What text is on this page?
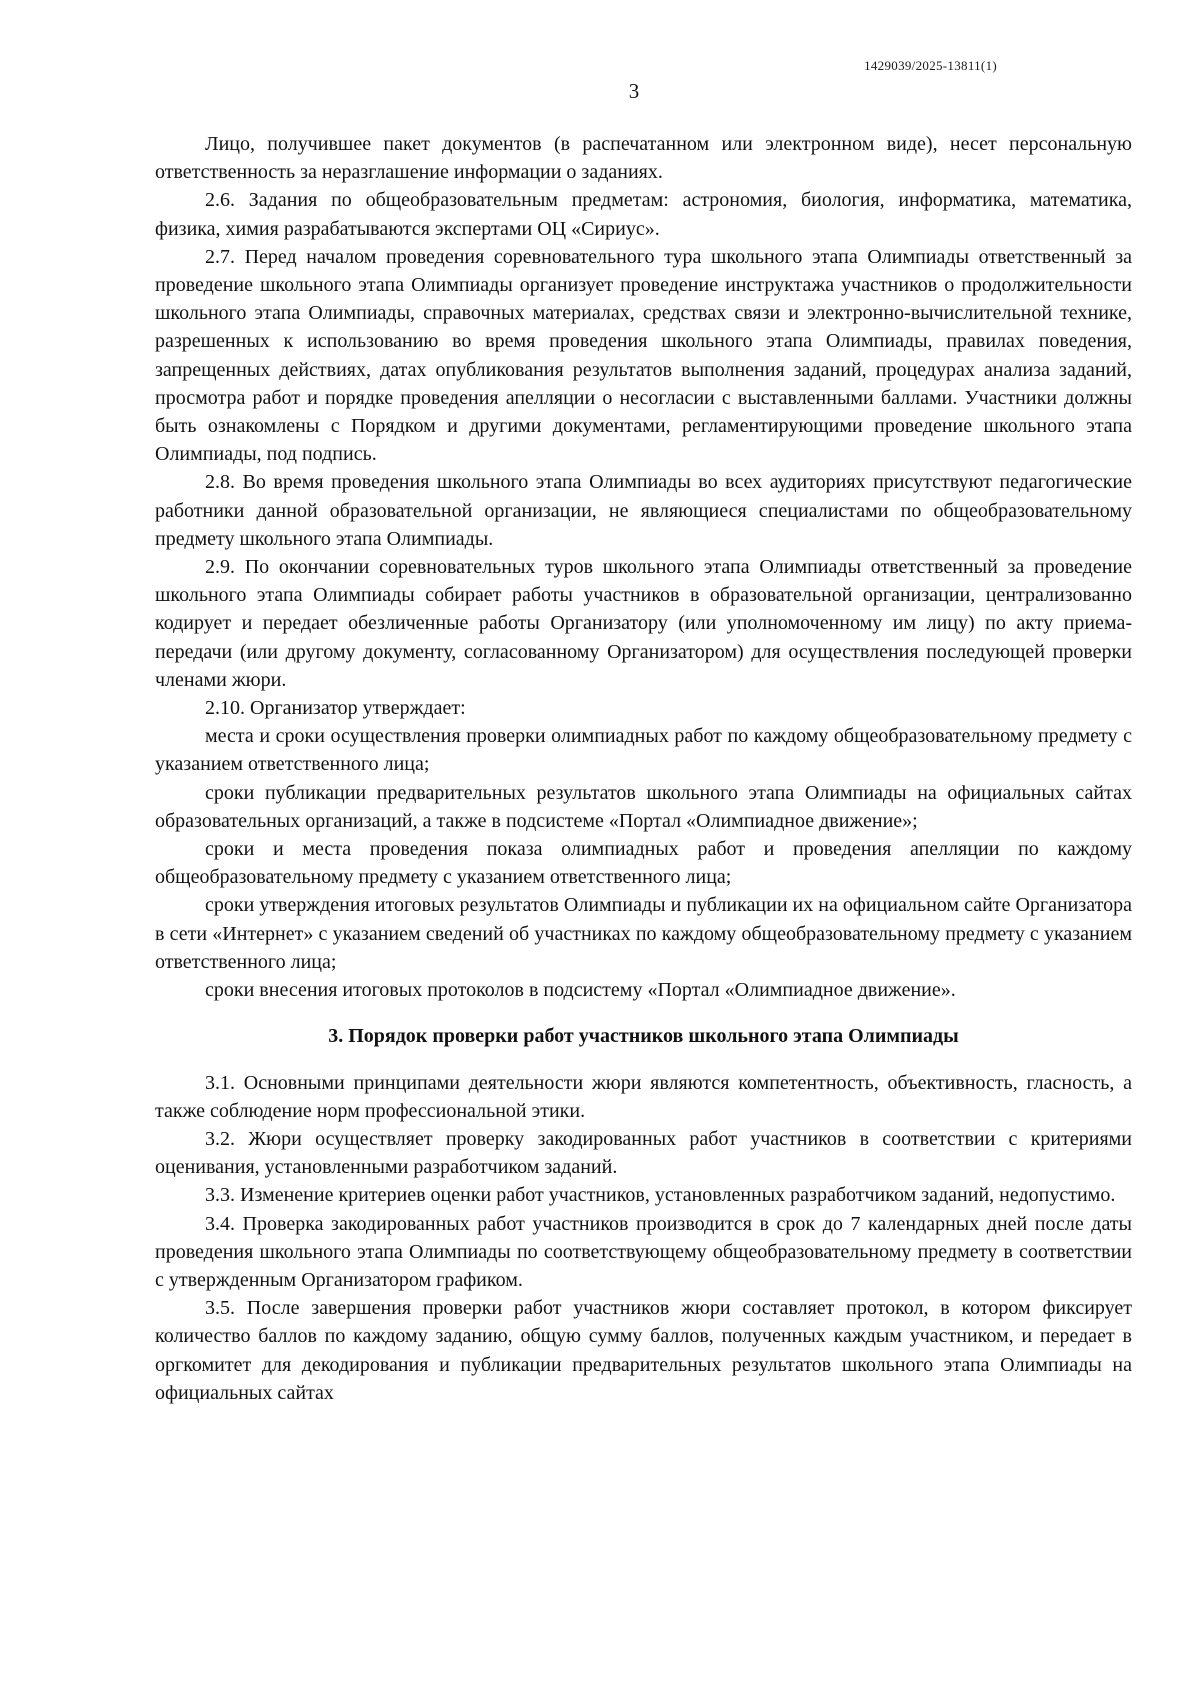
1429039/2025-13811(1)
3

Лицо, получившее пакет документов (в распечатанном или электронном виде), несет персональную ответственность за неразглашение информации о заданиях.

2.6. Задания по общеобразовательным предметам: астрономия, биология, информатика, математика, физика, химия разрабатываются экспертами ОЦ «Сириус».

2.7. Перед началом проведения соревновательного тура школьного этапа Олимпиады ответственный за проведение школьного этапа Олимпиады организует проведение инструктажа участников о продолжительности школьного этапа Олимпиады, справочных материалах, средствах связи и электронно-вычислительной технике, разрешенных к использованию во время проведения школьного этапа Олимпиады, правилах поведения, запрещенных действиях, датах опубликования результатов выполнения заданий, процедурах анализа заданий, просмотра работ и порядке проведения апелляции о несогласии с выставленными баллами. Участники должны быть ознакомлены с Порядком и другими документами, регламентирующими проведение школьного этапа Олимпиады, под подпись.

2.8. Во время проведения школьного этапа Олимпиады во всех аудиториях присутствуют педагогические работники данной образовательной организации, не являющиеся специалистами по общеобразовательному предмету школьного этапа Олимпиады.

2.9. По окончании соревновательных туров школьного этапа Олимпиады ответственный за проведение школьного этапа Олимпиады собирает работы участников в образовательной организации, централизованно кодирует и передает обезличенные работы Организатору (или уполномоченному им лицу) по акту приема-передачи (или другому документу, согласованному Организатором) для осуществления последующей проверки членами жюри.

2.10. Организатор утверждает:

места и сроки осуществления проверки олимпиадных работ по каждому общеобразовательному предмету с указанием ответственного лица;

сроки публикации предварительных результатов школьного этапа Олимпиады на официальных сайтах образовательных организаций, а также в подсистеме «Портал «Олимпиадное движение»;

сроки и места проведения показа олимпиадных работ и проведения апелляции по каждому общеобразовательному предмету с указанием ответственного лица;

сроки утверждения итоговых результатов Олимпиады и публикации их на официальном сайте Организатора в сети «Интернет» с указанием сведений об участниках по каждому общеобразовательному предмету с указанием ответственного лица;

сроки внесения итоговых протоколов в подсистему «Портал «Олимпиадное движение».

3. Порядок проверки работ участников школьного этапа Олимпиады

3.1. Основными принципами деятельности жюри являются компетентность, объективность, гласность, а также соблюдение норм профессиональной этики.

3.2. Жюри осуществляет проверку закодированных работ участников в соответствии с критериями оценивания, установленными разработчиком заданий.

3.3. Изменение критериев оценки работ участников, установленных разработчиком заданий, недопустимо.

3.4. Проверка закодированных работ участников производится в срок до 7 календарных дней после даты проведения школьного этапа Олимпиады по соответствующему общеобразовательному предмету в соответствии с утвержденным Организатором графиком.

3.5. После завершения проверки работ участников жюри составляет протокол, в котором фиксирует количество баллов по каждому заданию, общую сумму баллов, полученных каждым участником, и передает в оргкомитет для декодирования и публикации предварительных результатов школьного этапа Олимпиады на официальных сайтах
